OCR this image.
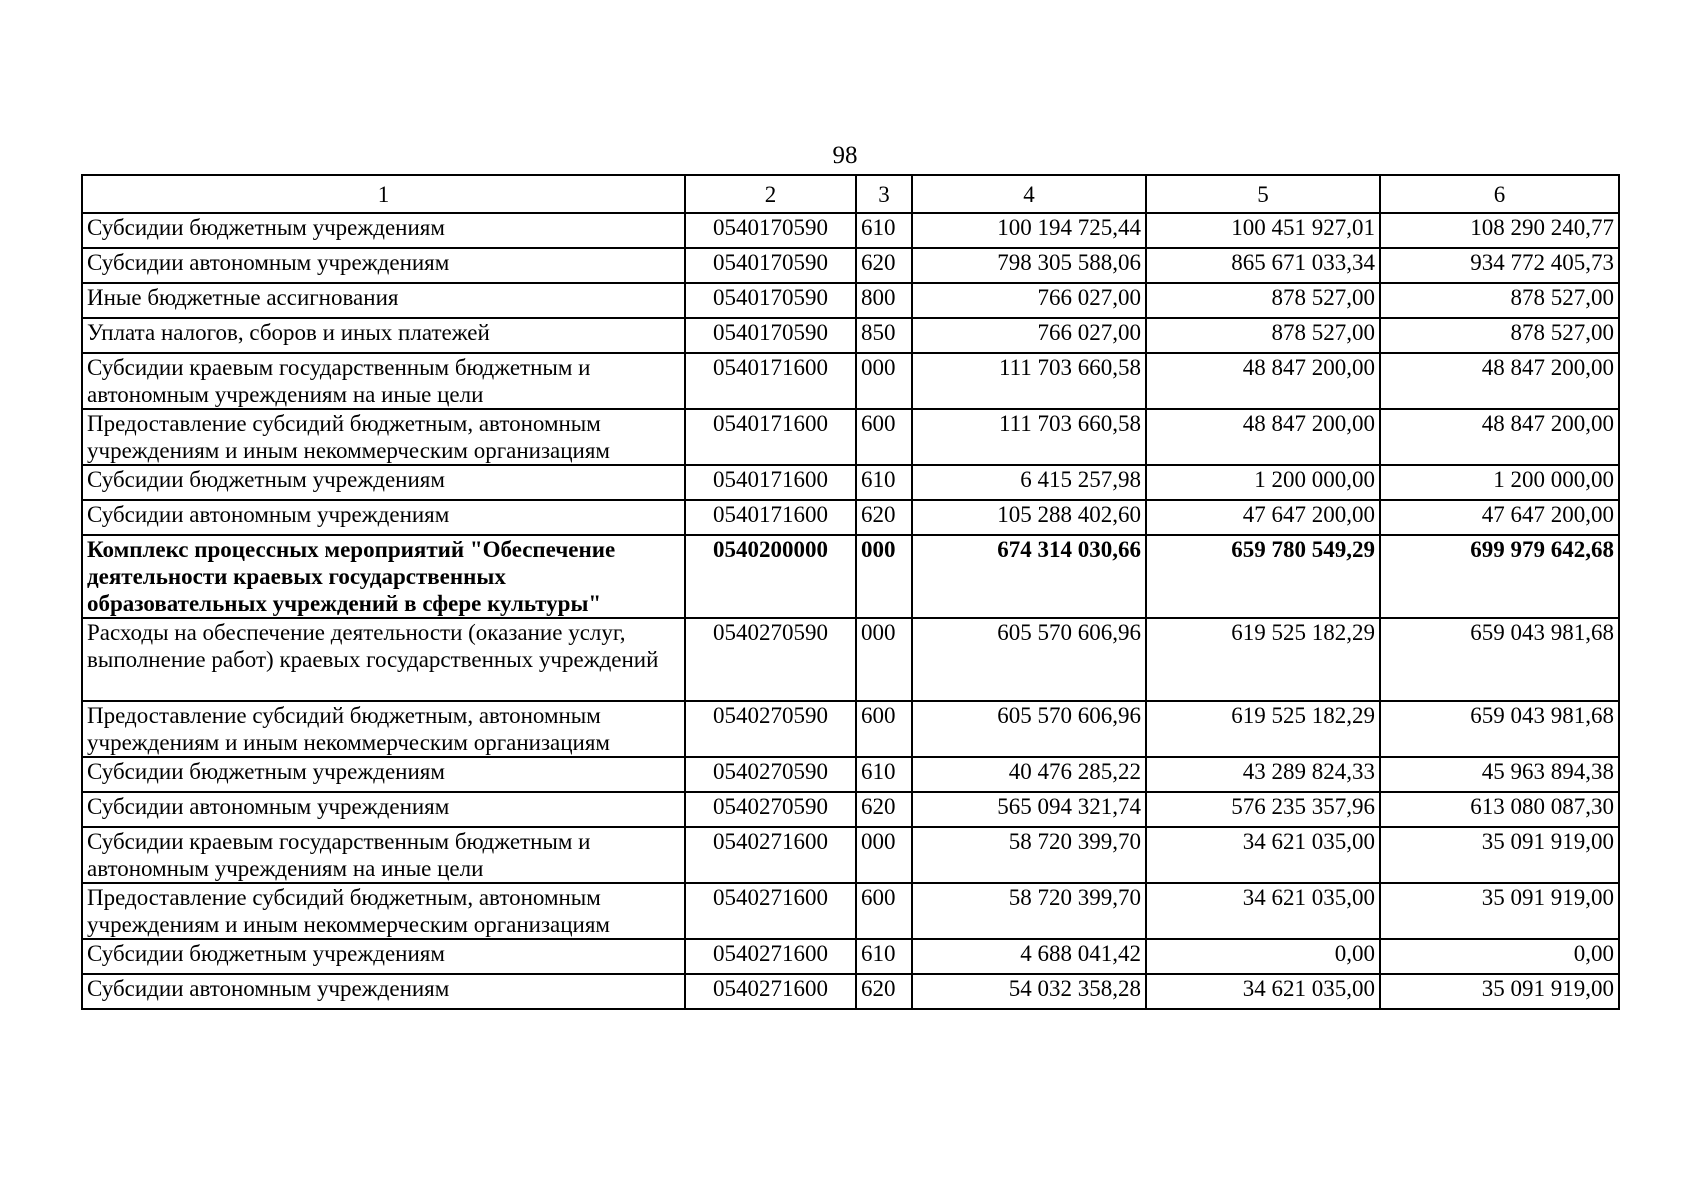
98
1	2	3	4	5	6
Субсидии бюджетным учреждениям	0540170590	610	100 194 725,44	100 451 927,01	108 290 240,77
Субсидии автономным учреждениям	0540170590	620	798 305 588,06	865 671 033,34	934 772 405,73
Иные бюджетные ассигнования	0540170590	800	766 027,00	878 527,00	878 527,00
Уплата налогов, сборов и иных платежей	0540170590	850	766 027,00	878 527,00	878 527,00
Субсидии краевым государственным бюджетным и автономным учреждениям на иные цели	0540171600	000	111 703 660,58	48 847 200,00	48 847 200,00
Предоставление субсидий бюджетным, автономным учреждениям и иным некоммерческим организациям	0540171600	600	111 703 660,58	48 847 200,00	48 847 200,00
Субсидии бюджетным учреждениям	0540171600	610	6 415 257,98	1 200 000,00	1 200 000,00
Субсидии автономным учреждениям	0540171600	620	105 288 402,60	47 647 200,00	47 647 200,00
Комплекс процессных мероприятий "Обеспечение деятельности краевых государственных образовательных учреждений в сфере культуры"	0540200000	000	674 314 030,66	659 780 549,29	699 979 642,68
Расходы на обеспечение деятельности (оказание услуг, выполнение работ) краевых государственных учреждений	0540270590	000	605 570 606,96	619 525 182,29	659 043 981,68
Предоставление субсидий бюджетным, автономным учреждениям и иным некоммерческим организациям	0540270590	600	605 570 606,96	619 525 182,29	659 043 981,68
Субсидии бюджетным учреждениям	0540270590	610	40 476 285,22	43 289 824,33	45 963 894,38
Субсидии автономным учреждениям	0540270590	620	565 094 321,74	576 235 357,96	613 080 087,30
Субсидии краевым государственным бюджетным и автономным учреждениям на иные цели	0540271600	000	58 720 399,70	34 621 035,00	35 091 919,00
Предоставление субсидий бюджетным, автономным учреждениям и иным некоммерческим организациям	0540271600	600	58 720 399,70	34 621 035,00	35 091 919,00
Субсидии бюджетным учреждениям	0540271600	610	4 688 041,42	0,00	0,00
Субсидии автономным учреждениям	0540271600	620	54 032 358,28	34 621 035,00	35 091 919,00
